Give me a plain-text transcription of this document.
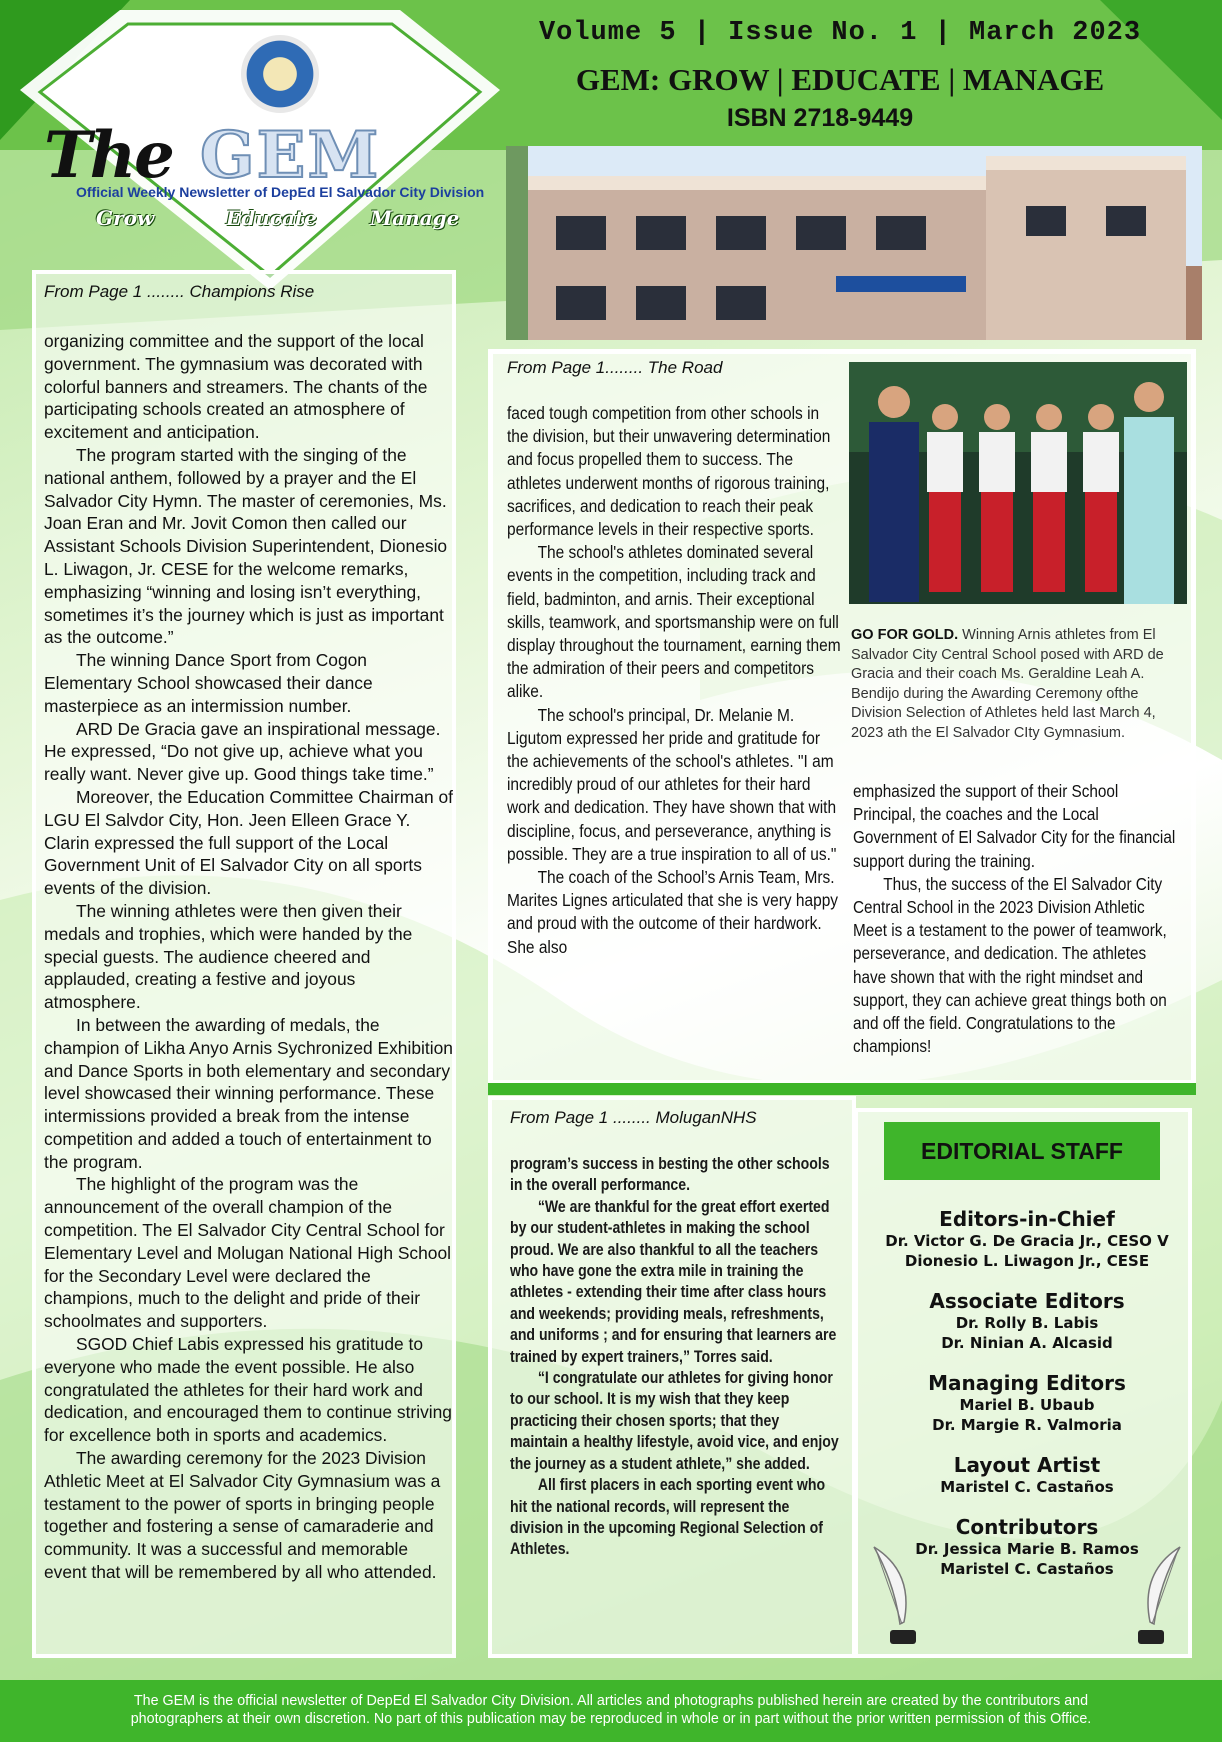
The GEM
Official Weekly Newsletter of DepEd El Salvador City Division
Grow	Educate	Manage
Volume 5 | Issue No. 1 | March 2023
GEM: GROW | EDUCATE | MANAGE
ISBN 2718-9449
From Page 1 ........ Champions Rise

organizing committee and the support of the local government. The gymnasium was decorated with colorful banners and streamers. The chants of the participating schools created an atmosphere of excitement and anticipation.

The program started with the singing of the national anthem, followed by a prayer and the El Salvador City Hymn. The master of ceremonies, Ms. Joan Eran and Mr. Jovit Comon then called our Assistant Schools Division Superintendent, Dionesio L. Liwagon, Jr. CESE for the welcome remarks, emphasizing “winning and losing isn’t everything, sometimes it’s the journey which is just as important as the outcome.”

The winning Dance Sport from Cogon Elementary School showcased their dance masterpiece as an intermission number.

ARD De Gracia gave an inspirational message. He expressed, “Do not give up, achieve what you really want. Never give up. Good things take time.”

Moreover, the Education Committee Chairman of LGU El Salvdor City, Hon. Jeen Elleen Grace Y. Clarin expressed the full support of the Local Government Unit of El Salvador City on all sports events of the division.

The winning athletes were then given their medals and trophies, which were handed by the special guests. The audience cheered and applauded, creating a festive and joyous atmosphere.

In between the awarding of medals, the champion of Likha Anyo Arnis Sychronized Exhibition and Dance Sports in both elementary and secondary level showcased their winning performance. These intermissions provided a break from the intense competition and added a touch of entertainment to the program.

The highlight of the program was the announcement of the overall champion of the competition. The El Salvador City Central School for Elementary Level and Molugan National High School for the Secondary Level were declared the champions, much to the delight and pride of their schoolmates and supporters.

SGOD Chief Labis expressed his gratitude to everyone who made the event possible. He also congratulated the athletes for their hard work and dedication, and encouraged them to continue striving for excellence both in sports and academics.

The awarding ceremony for the 2023 Division Athletic Meet at El Salvador City Gymnasium was a testament to the power of sports in bringing people together and fostering a sense of camaraderie and community. It was a successful and memorable event that will be remembered by all who attended.

From Page 1........ The Road

faced tough competition from other schools in the division, but their unwavering determination and focus propelled them to success. The athletes underwent months of rigorous training, sacrifices, and dedication to reach their peak performance levels in their respective sports.

The school's athletes dominated several events in the competition, including track and field, badminton, and arnis. Their exceptional skills, teamwork, and sportsmanship were on full display throughout the tournament, earning them the admiration of their peers and competitors alike.

The school's principal, Dr. Melanie M. Ligutom expressed her pride and gratitude for the achievements of the school's athletes. "I am incredibly proud of our athletes for their hard work and dedication. They have shown that with discipline, focus, and perseverance, anything is possible. They are a true inspiration to all of us."

The coach of the School’s Arnis Team, Mrs. Marites Lignes articulated that she is very happy and proud with the outcome of their hardwork. She also

GO FOR GOLD. Winning Arnis athletes from El Salvador City Central School posed with ARD de Gracia and their coach Ms. Geraldine Leah A. Bendijo during the Awarding Ceremony ofthe Division Selection of Athletes held last March 4, 2023 ath the El Salvador CIty Gymnasium.

emphasized the support of their School Principal, the coaches and the Local Government of El Salvador City for the financial support during the training.

Thus, the success of the El Salvador City Central School in the 2023 Division Athletic Meet is a testament to the power of teamwork, perseverance, and dedication. The athletes have shown that with the right mindset and support, they can achieve great things both on and off the field. Congratulations to the champions!

From Page 1 ........ MoluganNHS

program’s success in besting the other schools in the overall performance.

“We are thankful for the great effort exerted by our student-athletes in making the school proud. We are also thankful to all the teachers who have gone the extra mile in training the athletes - extending their time after class hours and weekends; providing meals, refreshments, and uniforms ; and for ensuring that learners are trained by expert trainers,” Torres said.

“I congratulate our athletes for giving honor to our school. It is my wish that they keep practicing their chosen sports; that they maintain a healthy lifestyle, avoid vice, and enjoy the journey as a student athlete,” she added.

All first placers in each sporting event who hit the national records, will represent the division in the upcoming Regional Selection of Athletes.

EDITORIAL STAFF
Editors-in-Chief
Dr. Victor G. De Gracia Jr., CESO V
Dionesio L. Liwagon Jr., CESE
Associate Editors
Dr. Rolly B. Labis
Dr. Ninian A. Alcasid
Managing Editors
Mariel B. Ubaub
Dr. Margie R. Valmoria
Layout Artist
Maristel C. Castaños
Contributors
Dr. Jessica Marie B. Ramos
Maristel C. Castaños
The GEM is the official newsletter of DepEd El Salvador City Division. All articles and photographs published herein are created by the contributors and
photographers at their own discretion. No part of this publication may be reproduced in whole or in part without the prior written permission of this Office.
